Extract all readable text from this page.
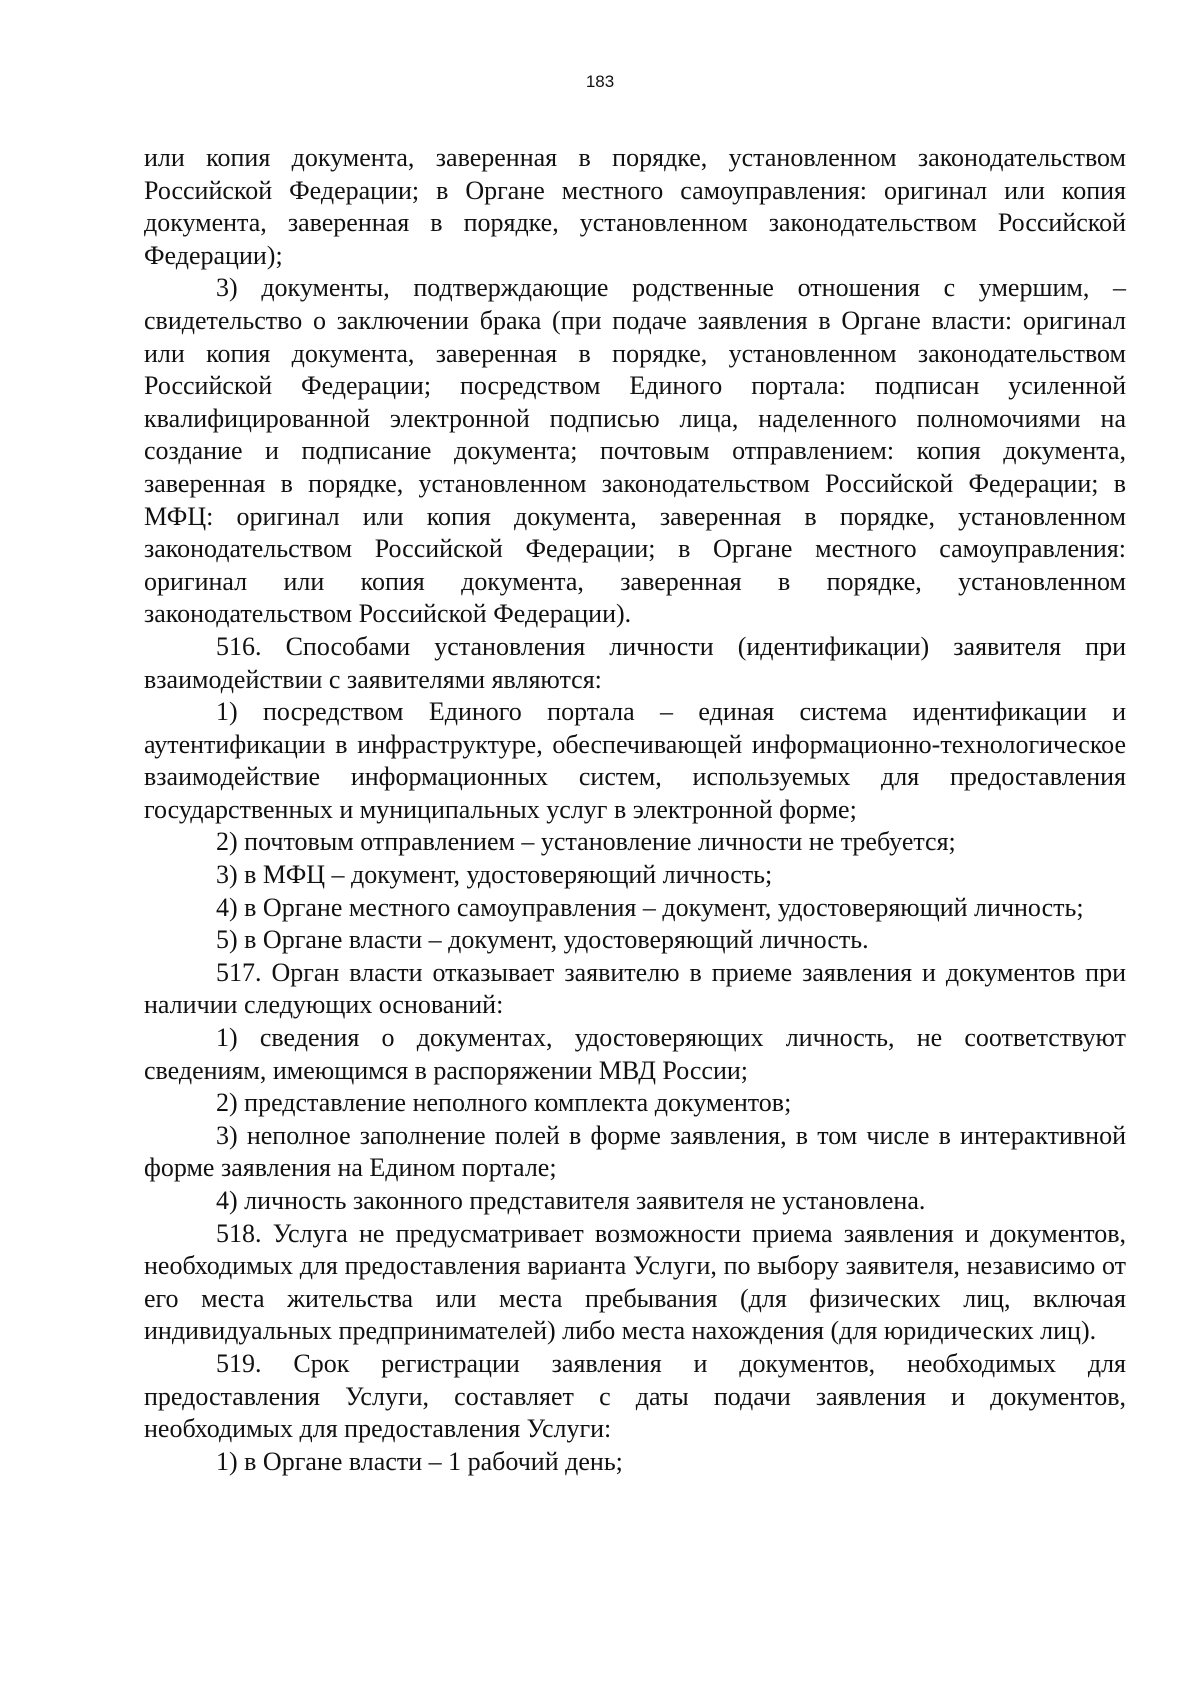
183

или копия документа, заверенная в порядке, установленном законодательством Российской Федерации; в Органе местного самоуправления: оригинал или копия документа, заверенная в порядке, установленном законодательством Российской Федерации);

3) документы, подтверждающие родственные отношения с умершим, – свидетельство о заключении брака (при подаче заявления в Органе власти: оригинал или копия документа, заверенная в порядке, установленном законодательством Российской Федерации; посредством Единого портала: подписан усиленной квалифицированной электронной подписью лица, наделенного полномочиями на создание и подписание документа; почтовым отправлением: копия документа, заверенная в порядке, установленном законодательством Российской Федерации; в МФЦ: оригинал или копия документа, заверенная в порядке, установленном законодательством Российской Федерации; в Органе местного самоуправления: оригинал или копия документа, заверенная в порядке, установленном законодательством Российской Федерации).

516. Способами установления личности (идентификации) заявителя при взаимодействии с заявителями являются:

1) посредством Единого портала – единая система идентификации и аутентификации в инфраструктуре, обеспечивающей информационно-технологическое взаимодействие информационных систем, используемых для предоставления государственных и муниципальных услуг в электронной форме;

2) почтовым отправлением – установление личности не требуется;

3) в МФЦ – документ, удостоверяющий личность;

4) в Органе местного самоуправления – документ, удостоверяющий личность;

5) в Органе власти – документ, удостоверяющий личность.

517. Орган власти отказывает заявителю в приеме заявления и документов при наличии следующих оснований:

1) сведения о документах, удостоверяющих личность, не соответствуют сведениям, имеющимся в распоряжении МВД России;

2) представление неполного комплекта документов;

3) неполное заполнение полей в форме заявления, в том числе в интерактивной форме заявления на Едином портале;

4) личность законного представителя заявителя не установлена.

518. Услуга не предусматривает возможности приема заявления и документов, необходимых для предоставления варианта Услуги, по выбору заявителя, независимо от его места жительства или места пребывания (для физических лиц, включая индивидуальных предпринимателей) либо места нахождения (для юридических лиц).

519. Срок регистрации заявления и документов, необходимых для предоставления Услуги, составляет с даты подачи заявления и документов, необходимых для предоставления Услуги:

1) в Органе власти – 1 рабочий день;
